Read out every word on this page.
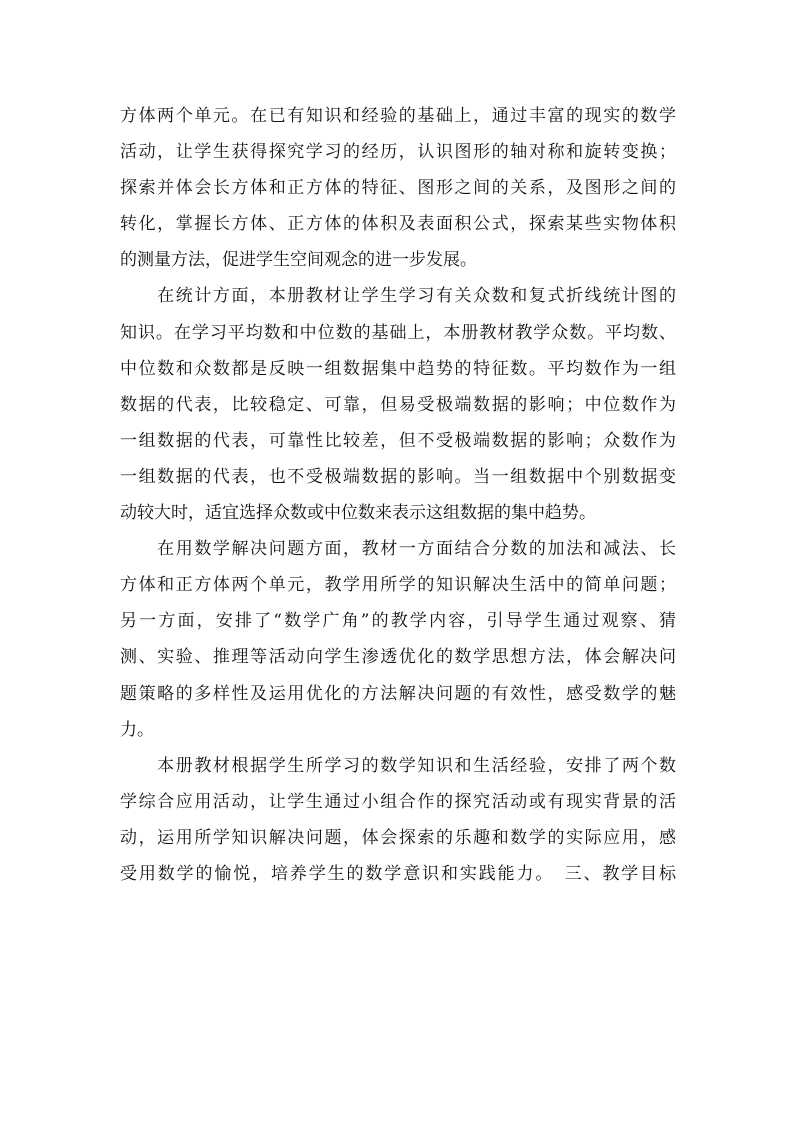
方体两个单元。在已有知识和经验的基础上，通过丰富的现实的数学
活动，让学生获得探究学习的经历，认识图形的轴对称和旋转变换；
探索并体会长方体和正方体的特征、图形之间的关系，及图形之间的
转化，掌握长方体、正方体的体积及表面积公式，探索某些实物体积
的测量方法，促进学生空间观念的进一步发展。
　　在统计方面，本册教材让学生学习有关众数和复式折线统计图的
知识。在学习平均数和中位数的基础上，本册教材教学众数。平均数、
中位数和众数都是反映一组数据集中趋势的特征数。平均数作为一组
数据的代表，比较稳定、可靠，但易受极端数据的影响；中位数作为
一组数据的代表，可靠性比较差，但不受极端数据的影响；众数作为
一组数据的代表，也不受极端数据的影响。当一组数据中个别数据变
动较大时，适宜选择众数或中位数来表示这组数据的集中趋势。
　　在用数学解决问题方面，教材一方面结合分数的加法和减法、长
方体和正方体两个单元，教学用所学的知识解决生活中的简单问题；
另一方面，安排了“数学广角”的教学内容，引导学生通过观察、猜
测、实验、推理等活动向学生渗透优化的数学思想方法，体会解决问
题策略的多样性及运用优化的方法解决问题的有效性，感受数学的魅
力。
　　本册教材根据学生所学习的数学知识和生活经验，安排了两个数
学综合应用活动，让学生通过小组合作的探究活动或有现实背景的活
动，运用所学知识解决问题，体会探索的乐趣和数学的实际应用，感
受用数学的愉悦，培养学生的数学意识和实践能力。　三、教学目标
